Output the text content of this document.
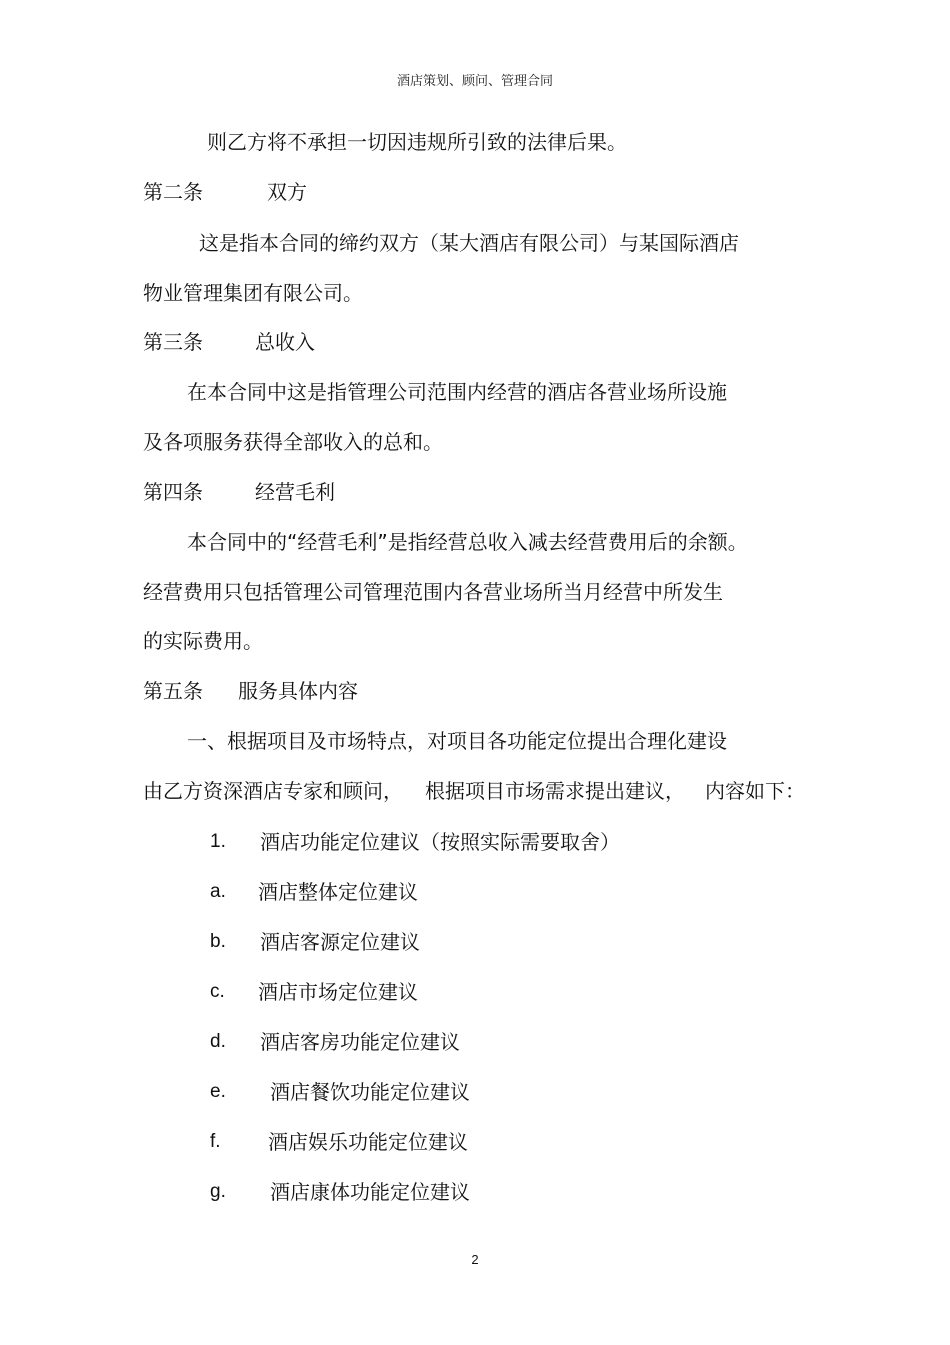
酒店策划、顾问、管理合同
则乙方将不承担一切因违规所引致的法律后果。
第二条	双方
这是指本合同的缔约双方（某大酒店有限公司）与某国际酒店
物业管理集团有限公司。
第三条	总收入
在本合同中这是指管理公司范围内经营的酒店各营业场所设施
及各项服务获得全部收入的总和。
第四条	经营毛利
本合同中的“经营毛利”是指经营总收入减去经营费用后的余额。
经营费用只包括管理公司管理范围内各营业场所当月经营中所发生
的实际费用。
第五条 服务具体内容
一、根据项目及市场特点，对项目各功能定位提出合理化建设
由乙方资深酒店专家和顾问， 根据项目市场需求提出建议， 内容如下：
1. 酒店功能定位建议（按照实际需要取舍）
a. 酒店整体定位建议
b. 酒店客源定位建议
c. 酒店市场定位建议
d. 酒店客房功能定位建议
e. 酒店餐饮功能定位建议
f. 酒店娱乐功能定位建议
g. 酒店康体功能定位建议
2
